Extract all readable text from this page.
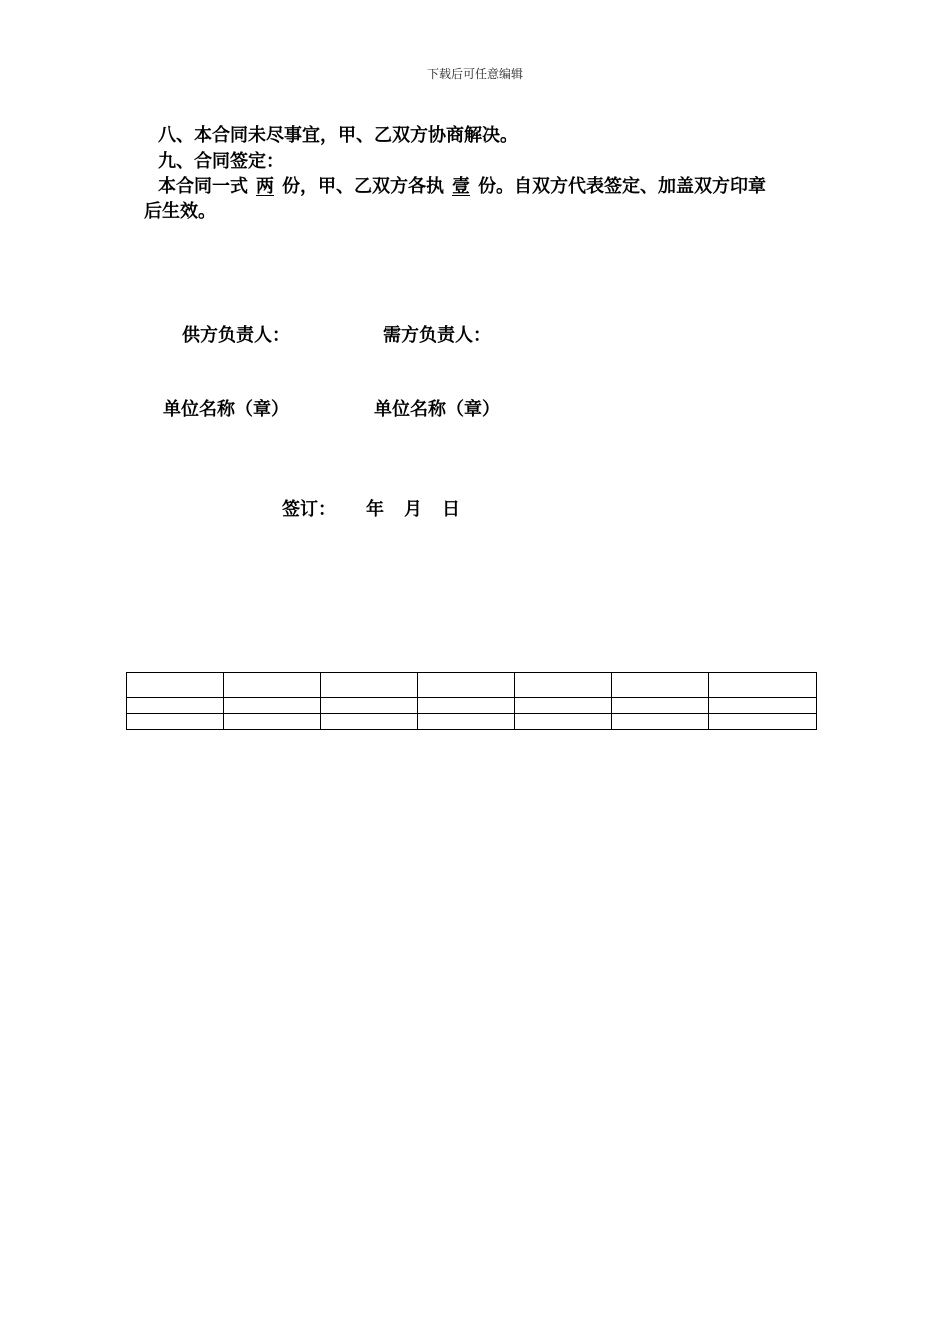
下载后可任意编辑
八、本合同未尽事宜，甲、乙双方协商解决。
九、合同签定：
本合同一式 两 份，甲、乙双方各执 壹 份。自双方代表签定、加盖双方印章
后生效。
供方负责人：	需方负责人：
单位名称（章）	单位名称（章）
签订： 年 月 日
